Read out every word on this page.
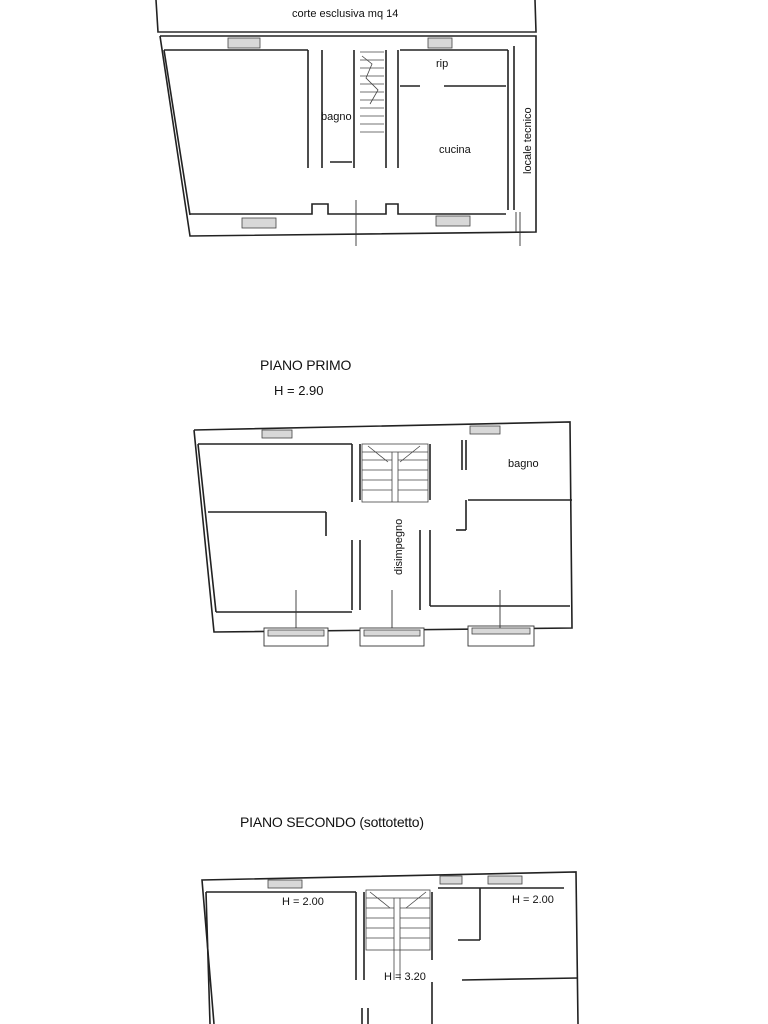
corte esclusiva mq 14
rip
bagno
cucina	locale tecnico
PIANO PRIMO
H = 2.90
bagno
disimpegno
PIANO SECONDO (sottotetto)
H = 2.00	H = 2.00
H = 3.20
